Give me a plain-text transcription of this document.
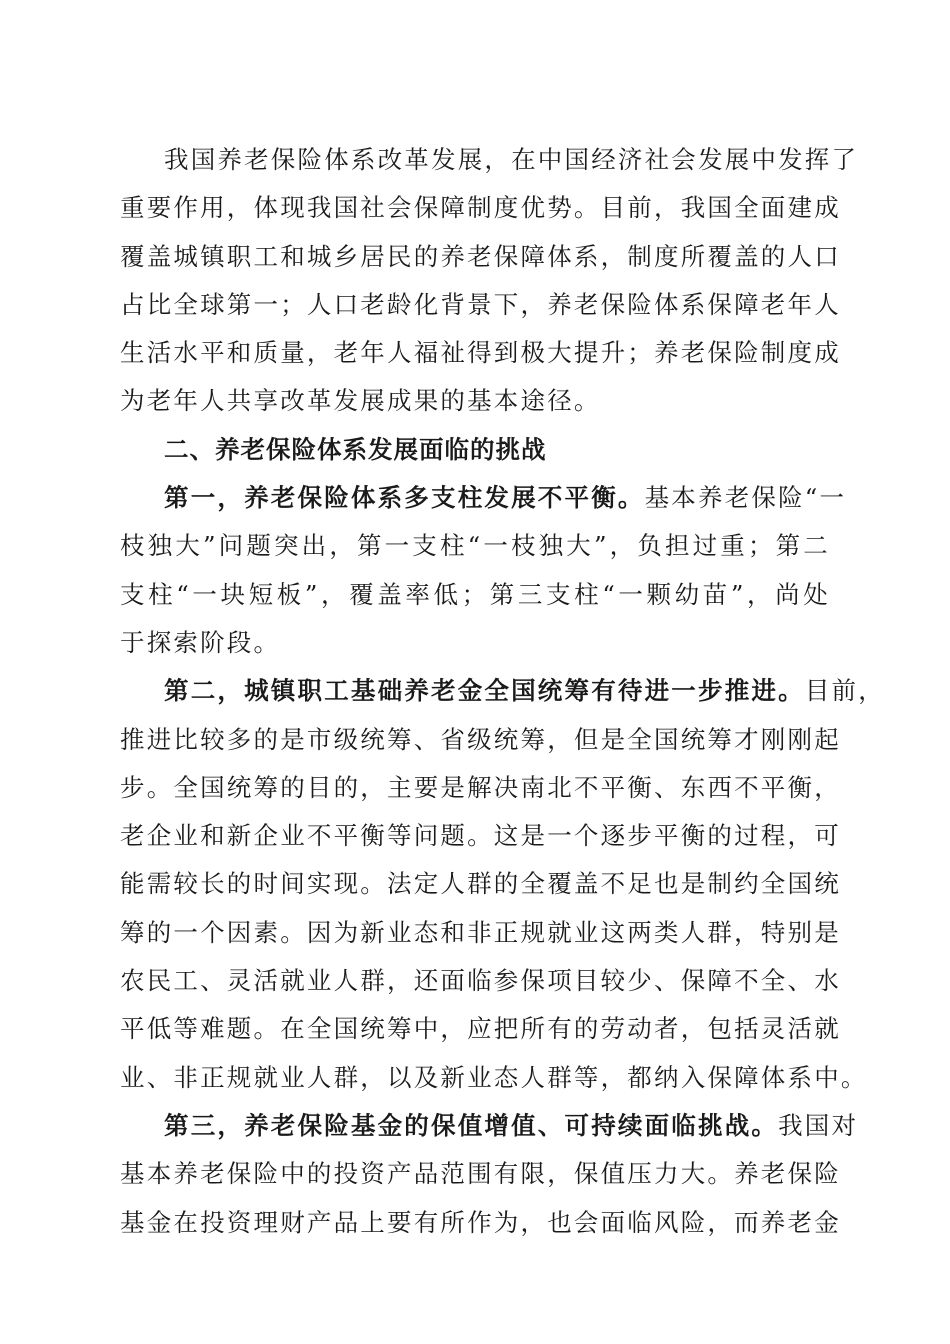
我国养老保险体系改革发展，在中国经济社会发展中发挥了
重要作用，体现我国社会保障制度优势。目前，我国全面建成
覆盖城镇职工和城乡居民的养老保障体系，制度所覆盖的人口
占比全球第一；人口老龄化背景下，养老保险体系保障老年人
生活水平和质量，老年人福祉得到极大提升；养老保险制度成
为老年人共享改革发展成果的基本途径。
二、养老保险体系发展面临的挑战
第一，养老保险体系多支柱发展不平衡。基本养老保险“一
枝独大”问题突出，第一支柱“一枝独大”，负担过重；第二
支柱“一块短板”，覆盖率低；第三支柱“一颗幼苗”，尚处
于探索阶段。
第二，城镇职工基础养老金全国统筹有待进一步推进。目前，
推进比较多的是市级统筹、省级统筹，但是全国统筹才刚刚起
步。全国统筹的目的，主要是解决南北不平衡、东西不平衡，
老企业和新企业不平衡等问题。这是一个逐步平衡的过程，可
能需较长的时间实现。法定人群的全覆盖不足也是制约全国统
筹的一个因素。因为新业态和非正规就业这两类人群，特别是
农民工、灵活就业人群，还面临参保项目较少、保障不全、水
平低等难题。在全国统筹中，应把所有的劳动者，包括灵活就
业、非正规就业人群，以及新业态人群等，都纳入保障体系中。
第三，养老保险基金的保值增值、可持续面临挑战。我国对
基本养老保险中的投资产品范围有限，保值压力大。养老保险
基金在投资理财产品上要有所作为，也会面临风险，而养老金
